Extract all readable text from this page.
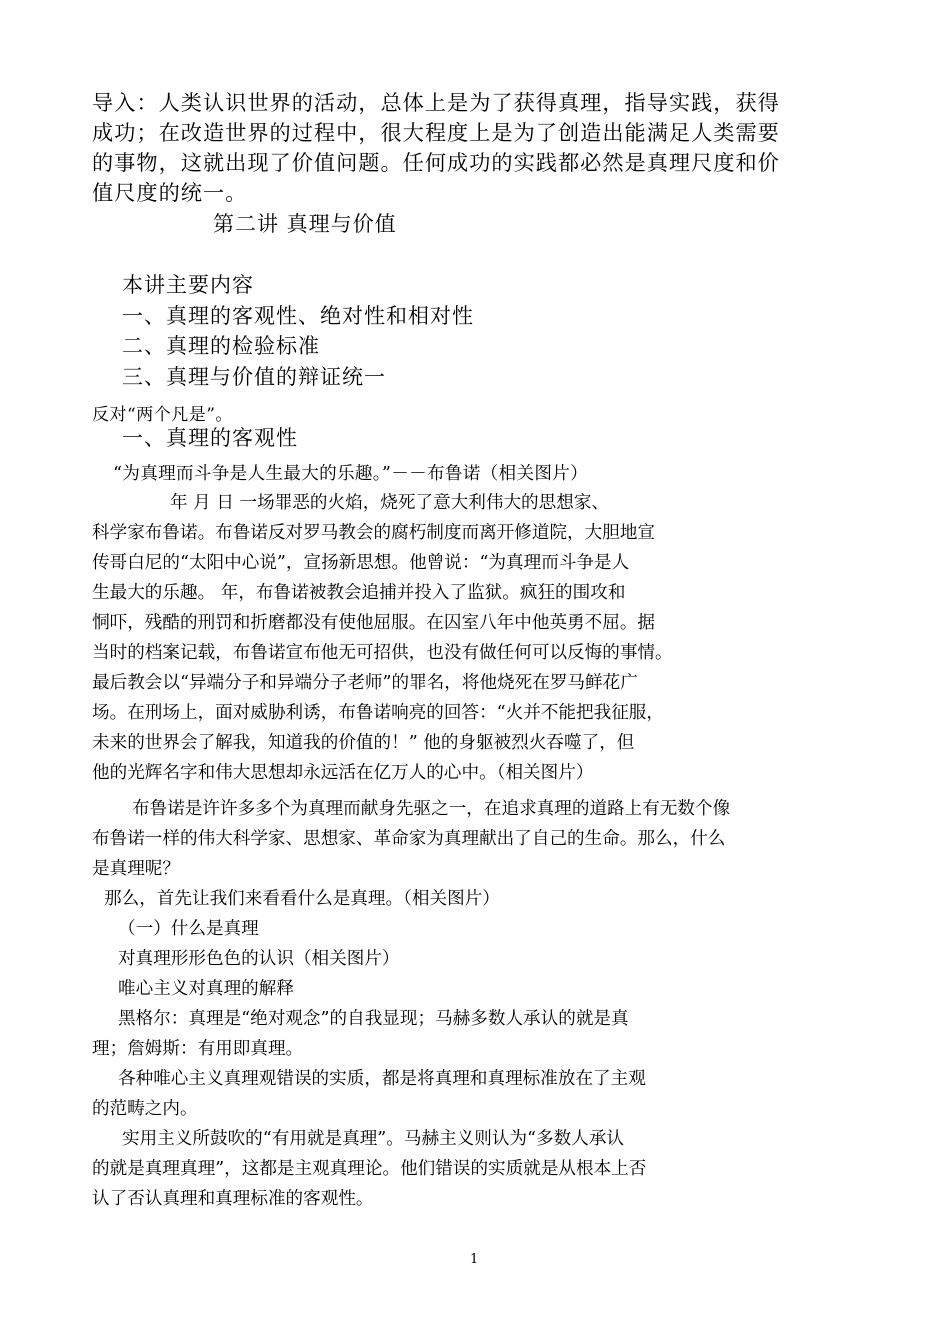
导入：人类认识世界的活动，总体上是为了获得真理，指导实践，获得

成功；在改造世界的过程中，很大程度上是为了创造出能满足人类需要

的事物，这就出现了价值问题。任何成功的实践都必然是真理尺度和价

值尺度的统一。

第二讲 真理与价值

本讲主要内容

一、真理的客观性、绝对性和相对性

二、真理的检验标准

三、真理与价值的辩证统一

反对“两个凡是”。
一、真理的客观性
“为真理而斗争是人生最大的乐趣。”－－布鲁诺（相关图片）

年 月 日 一场罪恶的火焰，烧死了意大利伟大的思想家、

科学家布鲁诺。布鲁诺反对罗马教会的腐朽制度而离开修道院，大胆地宣

传哥白尼的“太阳中心说”，宣扬新思想。他曾说：“为真理而斗争是人

生最大的乐趣。 年，布鲁诺被教会追捕并投入了监狱。疯狂的围攻和

恫吓，残酷的刑罚和折磨都没有使他屈服。在囚室八年中他英勇不屈。据

当时的档案记载，布鲁诺宣布他无可招供，也没有做任何可以反悔的事情。

最后教会以“异端分子和异端分子老师”的罪名，将他烧死在罗马鲜花广

场。在刑场上，面对威胁利诱，布鲁诺响亮的回答：“火并不能把我征服，

未来的世界会了解我，知道我的价值的！” 他的身躯被烈火吞噬了，但

他的光辉名字和伟大思想却永远活在亿万人的心中。（相关图片）

布鲁诺是许许多多个为真理而献身先驱之一，在追求真理的道路上有无数个像

布鲁诺一样的伟大科学家、思想家、革命家为真理献出了自己的生命。那么，什么

是真理呢？

那么，首先让我们来看看什么是真理。（相关图片）

（一）什么是真理

对真理形形色色的认识（相关图片）

唯心主义对真理的解释

黑格尔：真理是“绝对观念”的自我显现；马赫多数人承认的就是真

理；詹姆斯：有用即真理。

各种唯心主义真理观错误的实质，都是将真理和真理标准放在了主观

的范畴之内。

实用主义所鼓吹的“有用就是真理”。马赫主义则认为“多数人承认

的就是真理真理”，这都是主观真理论。他们错误的实质就是从根本上否

认了否认真理和真理标准的客观性。

1
